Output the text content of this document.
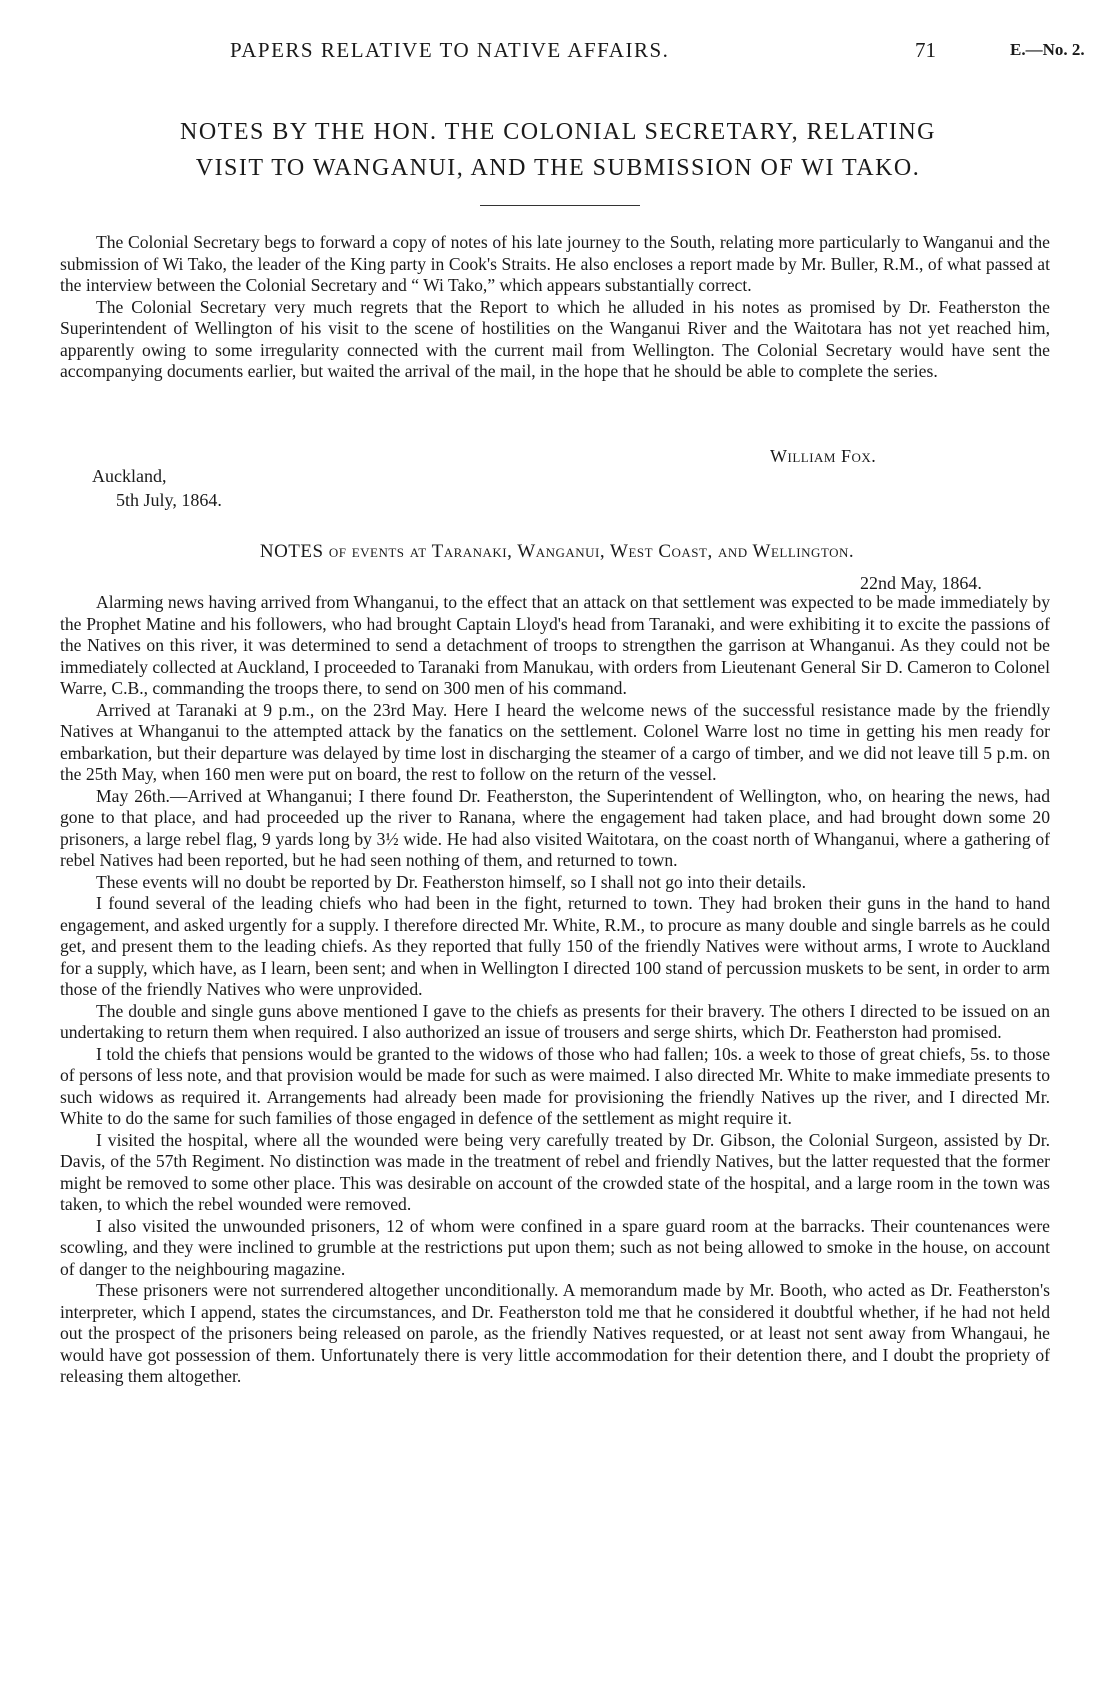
PAPERS RELATIVE TO NATIVE AFFAIRS.	71	E.—No. 2.
NOTES BY THE HON. THE COLONIAL SECRETARY, RELATING
VISIT TO WANGANUI, AND THE SUBMISSION OF WI TAKO.

The Colonial Secretary begs to forward a copy of notes of his late journey to the South, relating more particularly to Wanganui and the submission of Wi Tako, the leader of the King party in Cook's Straits. He also encloses a report made by Mr. Buller, R.M., of what passed at the interview between the Colonial Secretary and “ Wi Tako,” which appears substantially correct.

The Colonial Secretary very much regrets that the Report to which he alluded in his notes as promised by Dr. Featherston the Superintendent of Wellington of his visit to the scene of hostilities on the Wanganui River and the Waitotara has not yet reached him, apparently owing to some irregularity connected with the current mail from Wellington. The Colonial Secretary would have sent the accompanying documents earlier, but waited the arrival of the mail, in the hope that he should be able to complete the series.

William Fox.
Auckland,
5th July, 1864.
NOTES of events at Taranaki, Wanganui, West Coast, and Wellington.
22nd May, 1864.

Alarming news having arrived from Whanganui, to the effect that an attack on that settlement was expected to be made immediately by the Prophet Matine and his followers, who had brought Captain Lloyd's head from Taranaki, and were exhibiting it to excite the passions of the Natives on this river, it was determined to send a detachment of troops to strengthen the garrison at Whanganui. As they could not be immediately collected at Auckland, I proceeded to Taranaki from Manukau, with orders from Lieutenant General Sir D. Cameron to Colonel Warre, C.B., commanding the troops there, to send on 300 men of his command.

Arrived at Taranaki at 9 p.m., on the 23rd May. Here I heard the welcome news of the successful resistance made by the friendly Natives at Whanganui to the attempted attack by the fanatics on the settlement. Colonel Warre lost no time in getting his men ready for embarkation, but their departure was delayed by time lost in discharging the steamer of a cargo of timber, and we did not leave till 5 p.m. on the 25th May, when 160 men were put on board, the rest to follow on the return of the vessel.

May 26th.—Arrived at Whanganui; I there found Dr. Featherston, the Superintendent of Wellington, who, on hearing the news, had gone to that place, and had proceeded up the river to Ranana, where the engagement had taken place, and had brought down some 20 prisoners, a large rebel flag, 9 yards long by 3½ wide. He had also visited Waitotara, on the coast north of Whanganui, where a gathering of rebel Natives had been reported, but he had seen nothing of them, and returned to town.

These events will no doubt be reported by Dr. Featherston himself, so I shall not go into their details.

I found several of the leading chiefs who had been in the fight, returned to town. They had broken their guns in the hand to hand engagement, and asked urgently for a supply. I therefore directed Mr. White, R.M., to procure as many double and single barrels as he could get, and present them to the leading chiefs. As they reported that fully 150 of the friendly Natives were without arms, I wrote to Auckland for a supply, which have, as I learn, been sent; and when in Wellington I directed 100 stand of percussion muskets to be sent, in order to arm those of the friendly Natives who were unprovided.

The double and single guns above mentioned I gave to the chiefs as presents for their bravery. The others I directed to be issued on an undertaking to return them when required. I also authorized an issue of trousers and serge shirts, which Dr. Featherston had promised.

I told the chiefs that pensions would be granted to the widows of those who had fallen; 10s. a week to those of great chiefs, 5s. to those of persons of less note, and that provision would be made for such as were maimed. I also directed Mr. White to make immediate presents to such widows as required it. Arrangements had already been made for provisioning the friendly Natives up the river, and I directed Mr. White to do the same for such families of those engaged in defence of the settlement as might require it.

I visited the hospital, where all the wounded were being very carefully treated by Dr. Gibson, the Colonial Surgeon, assisted by Dr. Davis, of the 57th Regiment. No distinction was made in the treatment of rebel and friendly Natives, but the latter requested that the former might be removed to some other place. This was desirable on account of the crowded state of the hospital, and a large room in the town was taken, to which the rebel wounded were removed.

I also visited the unwounded prisoners, 12 of whom were confined in a spare guard room at the barracks. Their countenances were scowling, and they were inclined to grumble at the restrictions put upon them; such as not being allowed to smoke in the house, on account of danger to the neighbouring magazine.

These prisoners were not surrendered altogether unconditionally. A memorandum made by Mr. Booth, who acted as Dr. Featherston's interpreter, which I append, states the circumstances, and Dr. Featherston told me that he considered it doubtful whether, if he had not held out the prospect of the prisoners being released on parole, as the friendly Natives requested, or at least not sent away from Whangaui, he would have got possession of them. Unfortunately there is very little accommodation for their detention there, and I doubt the propriety of releasing them altogether.
